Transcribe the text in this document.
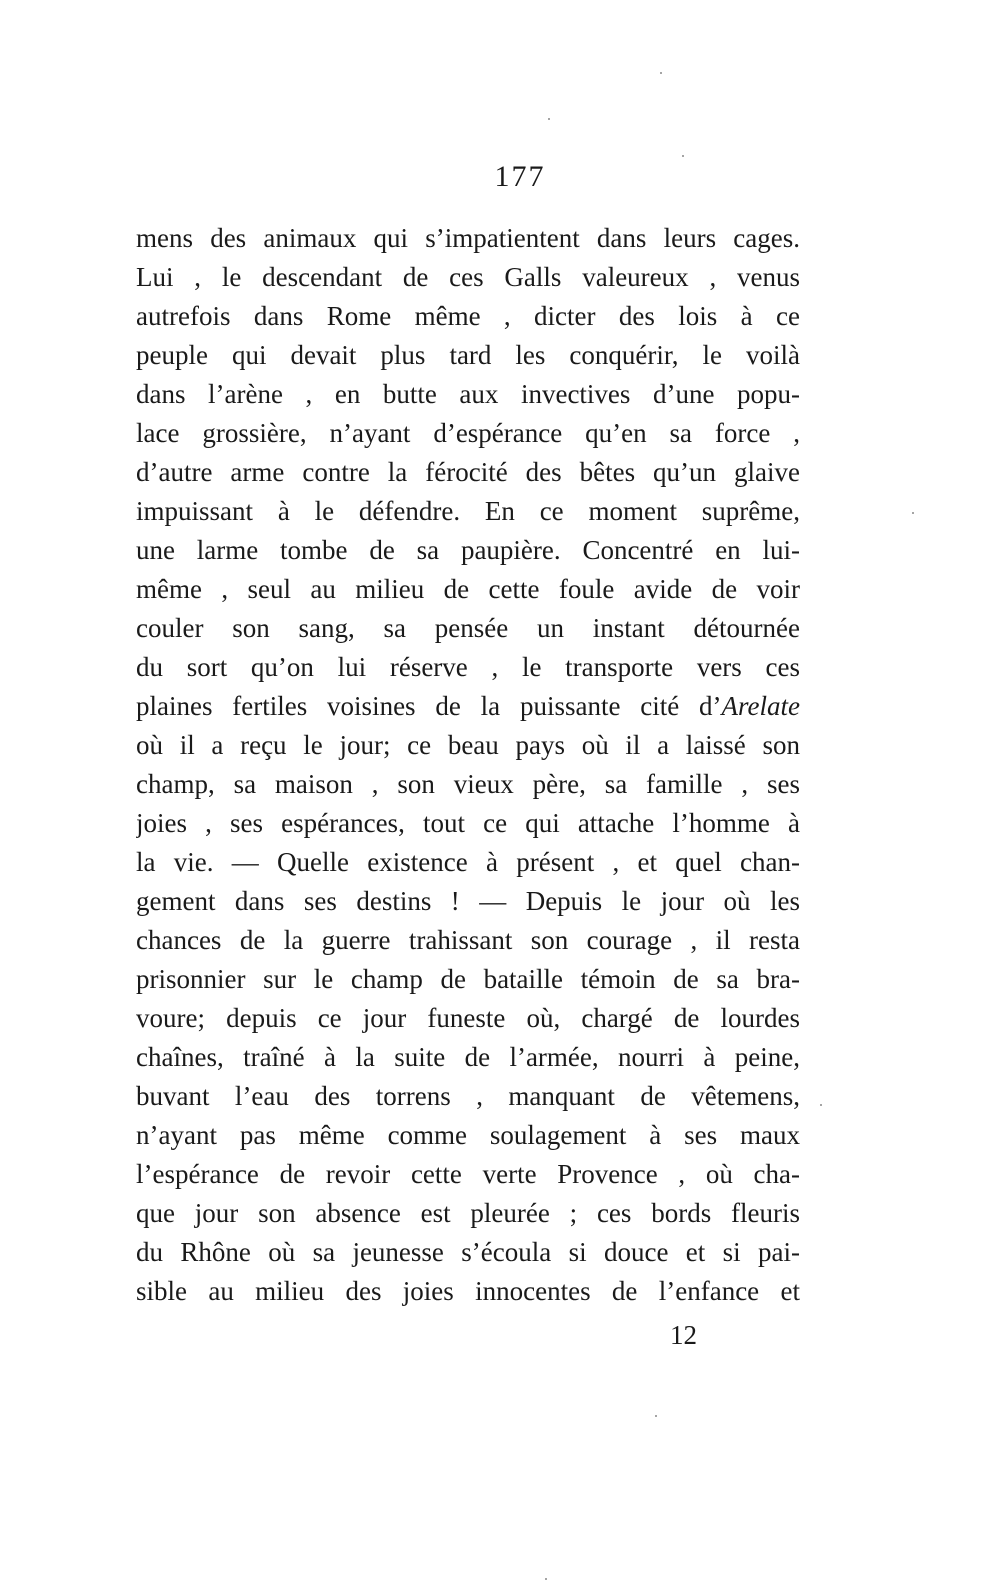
177
mens des animaux qui s’impatientent dans leurs cages.
Lui , le descendant de ces Galls valeureux , venus
autrefois dans Rome même , dicter des lois à ce
peuple qui devait plus tard les conquérir, le voilà
dans l’arène , en butte aux invectives d’une popu-
lace grossière, n’ayant d’espérance qu’en sa force ,
d’autre arme contre la férocité des bêtes qu’un glaive
impuissant à le défendre. En ce moment suprême,
une larme tombe de sa paupière. Concentré en lui-
même , seul au milieu de cette foule avide de voir
couler son sang, sa pensée un instant détournée
du sort qu’on lui réserve , le transporte vers ces
plaines fertiles voisines de la puissante cité d’Arelate
où il a reçu le jour; ce beau pays où il a laissé son
champ, sa maison , son vieux père, sa famille , ses
joies , ses espérances, tout ce qui attache l’homme à
la vie. — Quelle existence à présent , et quel chan-
gement dans ses destins ! — Depuis le jour où les
chances de la guerre trahissant son courage , il resta
prisonnier sur le champ de bataille témoin de sa bra-
voure; depuis ce jour funeste où, chargé de lourdes
chaînes, traîné à la suite de l’armée, nourri à peine,
buvant l’eau des torrens , manquant de vêtemens,
n’ayant pas même comme soulagement à ses maux
l’espérance de revoir cette verte Provence , où cha-
que jour son absence est pleurée ; ces bords fleuris
du Rhône où sa jeunesse s’écoula si douce et si pai-
sible au milieu des joies innocentes de l’enfance et
12
